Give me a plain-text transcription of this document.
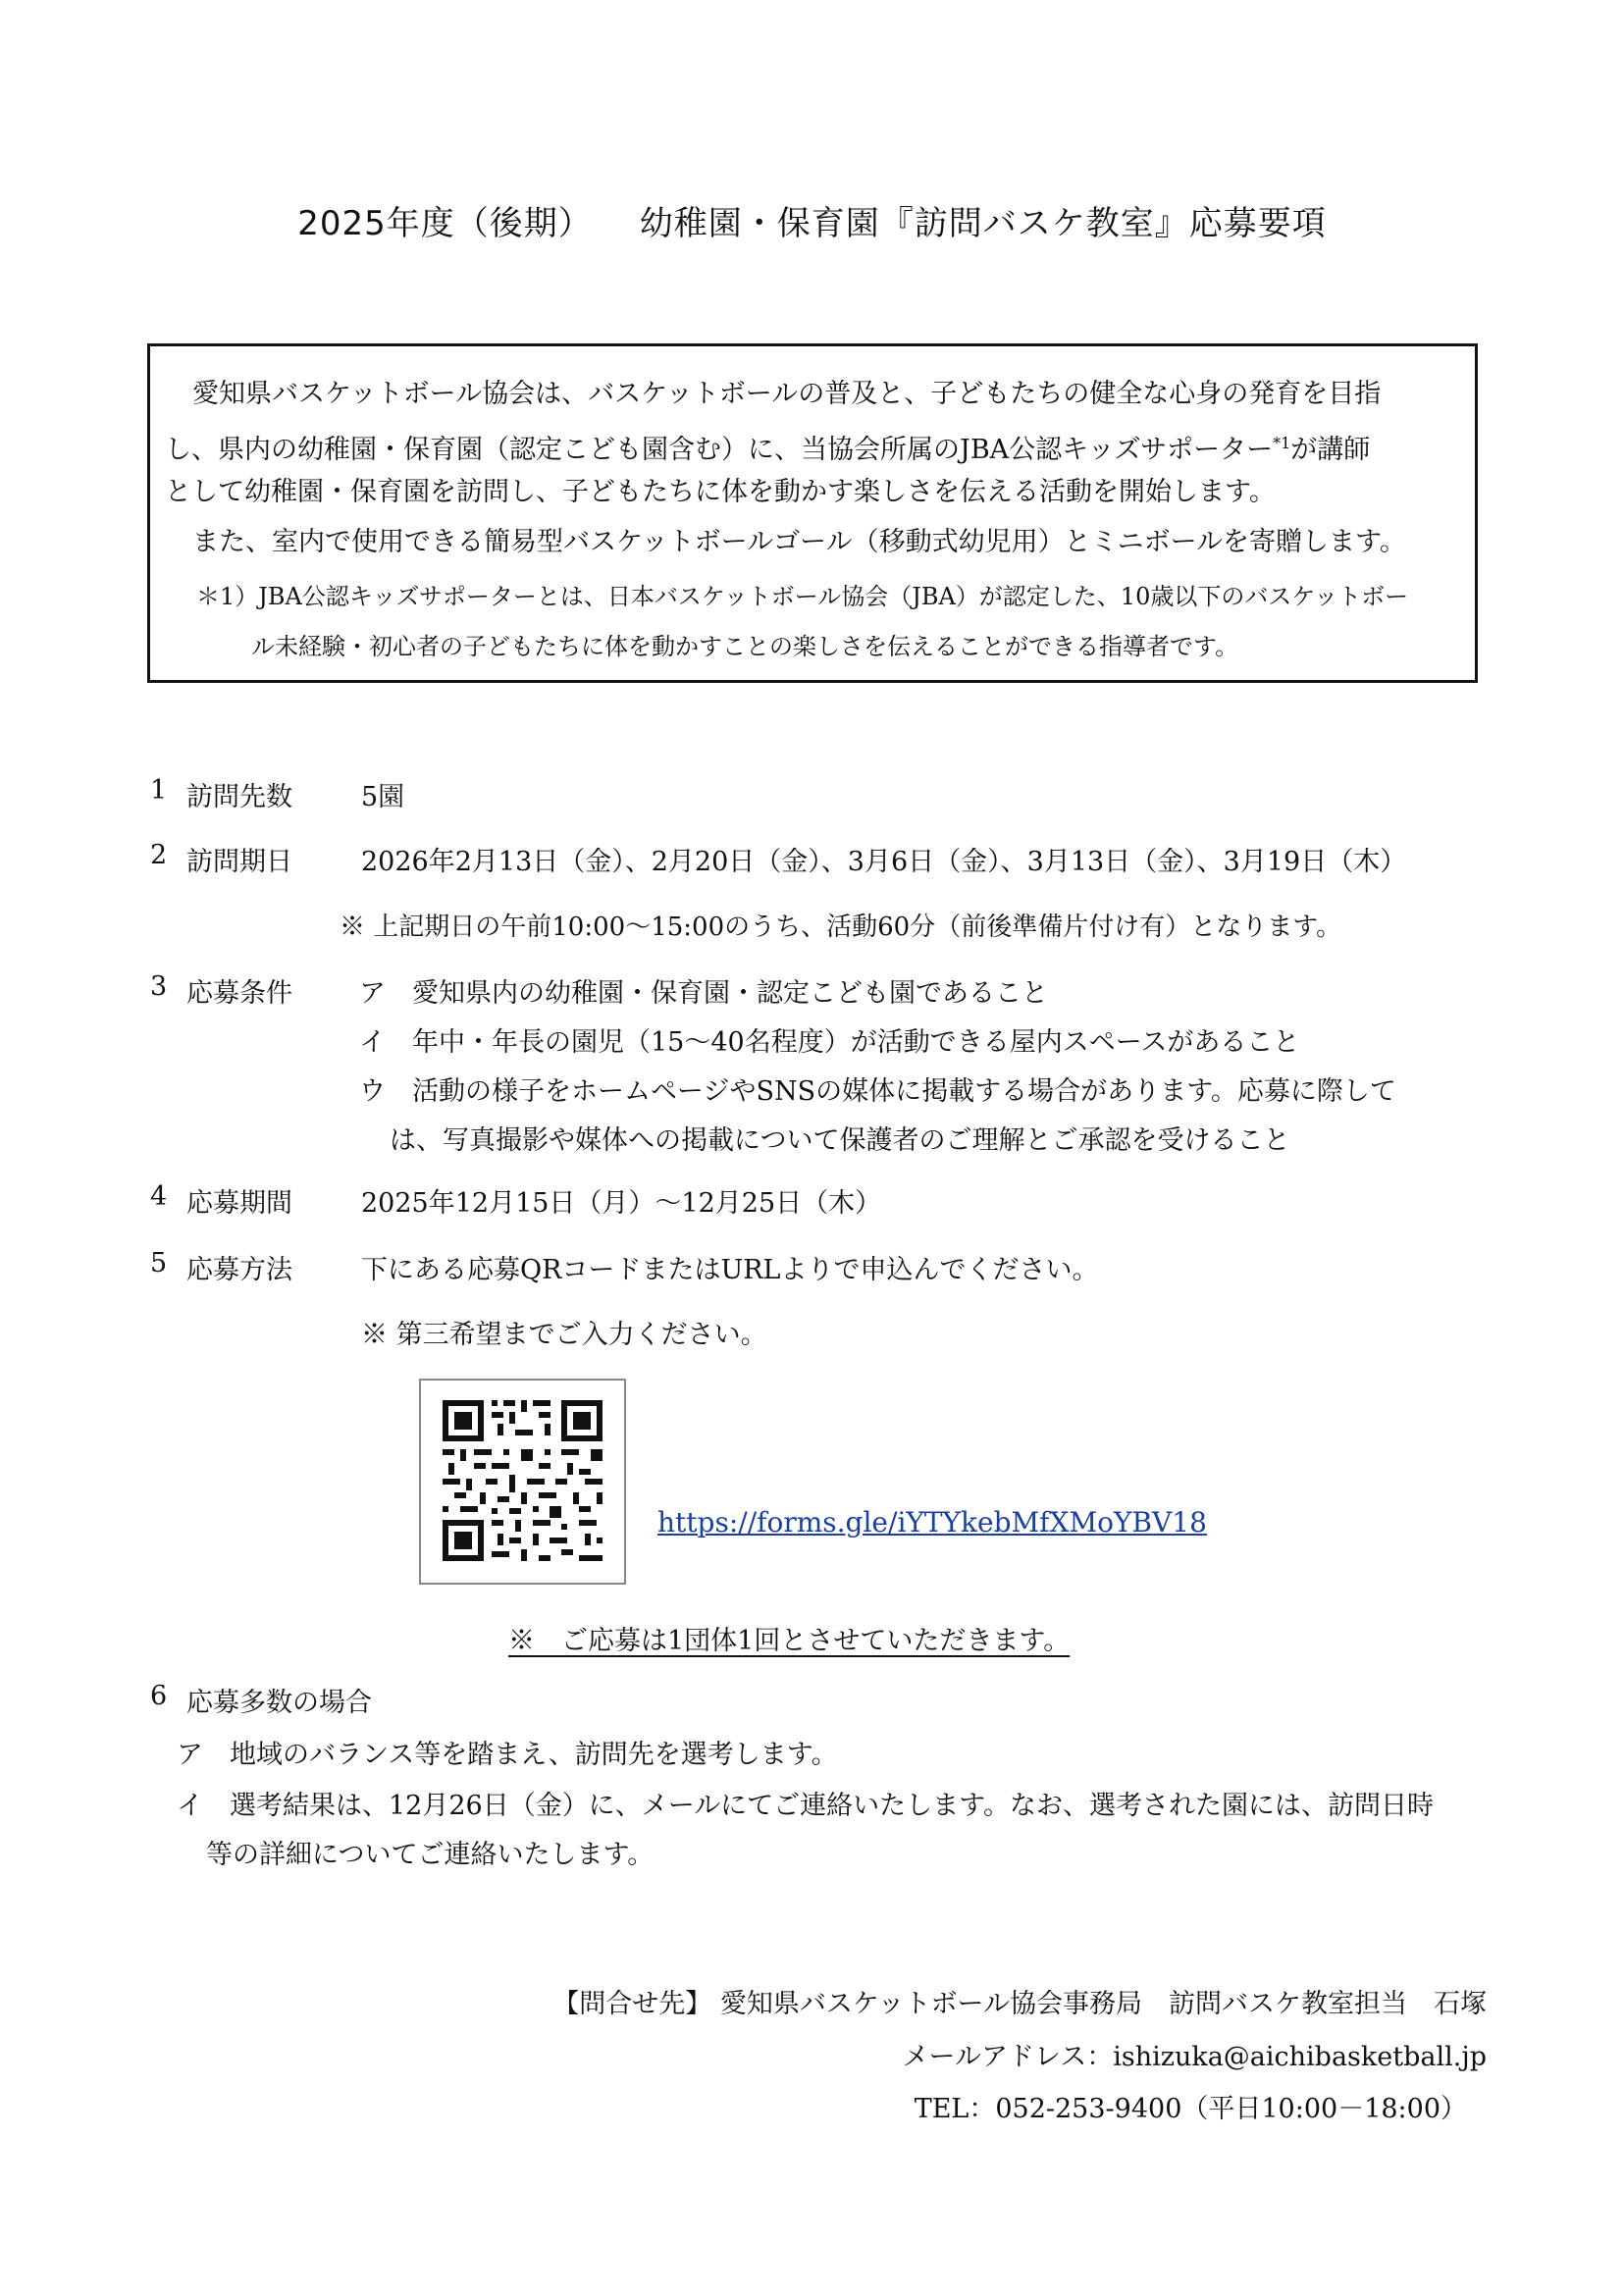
2025年度（後期） 幼稚園・保育園『訪問バスケ教室』応募要項
愛知県バスケットボール協会は、バスケットボールの普及と、子どもたちの健全な心身の発育を目指
し、県内の幼稚園・保育園（認定こども園含む）に、当協会所属のJBA公認キッズサポーター$^{*1}$が講師
として幼稚園・保育園を訪問し、子どもたちに体を動かす楽しさを伝える活動を開始します。
また、室内で使用できる簡易型バスケットボールゴール（移動式幼児用）とミニボールを寄贈します。
＊1）JBA公認キッズサポーターとは、日本バスケットボール協会（JBA）が認定した、10歳以下のバスケットボー
ル未経験・初心者の子どもたちに体を動かすことの楽しさを伝えることができる指導者です。
1 訪問先数	5園
2 訪問期日	2026年2月13日（金）、2月20日（金）、3月6日（金）、3月13日（金）、3月19日（木）
※ 上記期日の午前10:00～15:00のうち、活動60分（前後準備片付け有）となります。
3 応募条件	ア　愛知県内の幼稚園・保育園・認定こども園であること
イ　年中・年長の園児（15～40名程度）が活動できる屋内スペースがあること
ウ　活動の様子をホームページやSNSの媒体に掲載する場合があります。応募に際して
は、写真撮影や媒体への掲載について保護者のご理解とご承認を受けること
4 応募期間	2025年12月15日（月）～12月25日（木）
5 応募方法	下にある応募QRコードまたはURLよりで申込んでください。
※ 第三希望までご入力ください。
https://forms.gle/iYTYkebMfXMoYBV18
※　ご応募は1団体1回とさせていただきます。
6 応募多数の場合
ア　地域のバランス等を踏まえ、訪問先を選考します。
イ　選考結果は、12月26日（金）に、メールにてご連絡いたします。なお、選考された園には、訪問日時
等の詳細についてご連絡いたします。
【問合せ先】 愛知県バスケットボール協会事務局　訪問バスケ教室担当　石塚
メールアドレス：ishizuka@aichibasketball.jp
TEL：052-253-9400（平日10:00－18:00）
